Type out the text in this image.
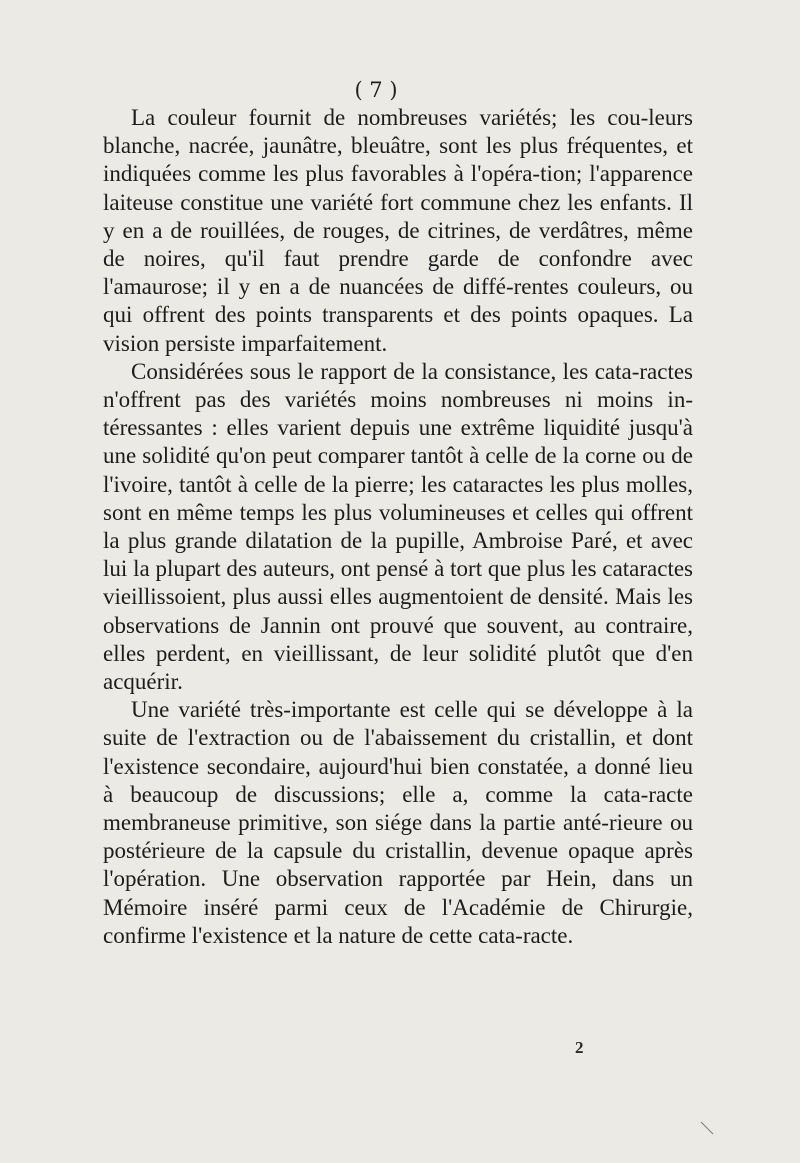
( 7 )

La couleur fournit de nombreuses variétés; les cou-leurs blanche, nacrée, jaunâtre, bleuâtre, sont les plus fréquentes, et indiquées comme les plus favorables à l'opéra-tion; l'apparence laiteuse constitue une variété fort commune chez les enfants. Il y en a de rouillées, de rouges, de citrines, de verdâtres, même de noires, qu'il faut prendre garde de confondre avec l'amaurose; il y en a de nuancées de diffé-rentes couleurs, ou qui offrent des points transparents et des points opaques. La vision persiste imparfaitement.

Considérées sous le rapport de la consistance, les cata-ractes n'offrent pas des variétés moins nombreuses ni moins in-téressantes : elles varient depuis une extrême liquidité jusqu'à une solidité qu'on peut comparer tantôt à celle de la corne ou de l'ivoire, tantôt à celle de la pierre; les cataractes les plus molles, sont en même temps les plus volumineuses et celles qui offrent la plus grande dilatation de la pupille, Ambroise Paré, et avec lui la plupart des auteurs, ont pensé à tort que plus les cataractes vieillissoient, plus aussi elles augmentoient de densité. Mais les observations de Jannin ont prouvé que souvent, au contraire, elles perdent, en vieillissant, de leur solidité plutôt que d'en acquérir.

Une variété très-importante est celle qui se développe à la suite de l'extraction ou de l'abaissement du cristallin, et dont l'existence secondaire, aujourd'hui bien constatée, a donné lieu à beaucoup de discussions; elle a, comme la cata-racte membraneuse primitive, son siége dans la partie anté-rieure ou postérieure de la capsule du cristallin, devenue opaque après l'opération. Une observation rapportée par Hein, dans un Mémoire inséré parmi ceux de l'Académie de Chirurgie, confirme l'existence et la nature de cette cata-racte.

2
